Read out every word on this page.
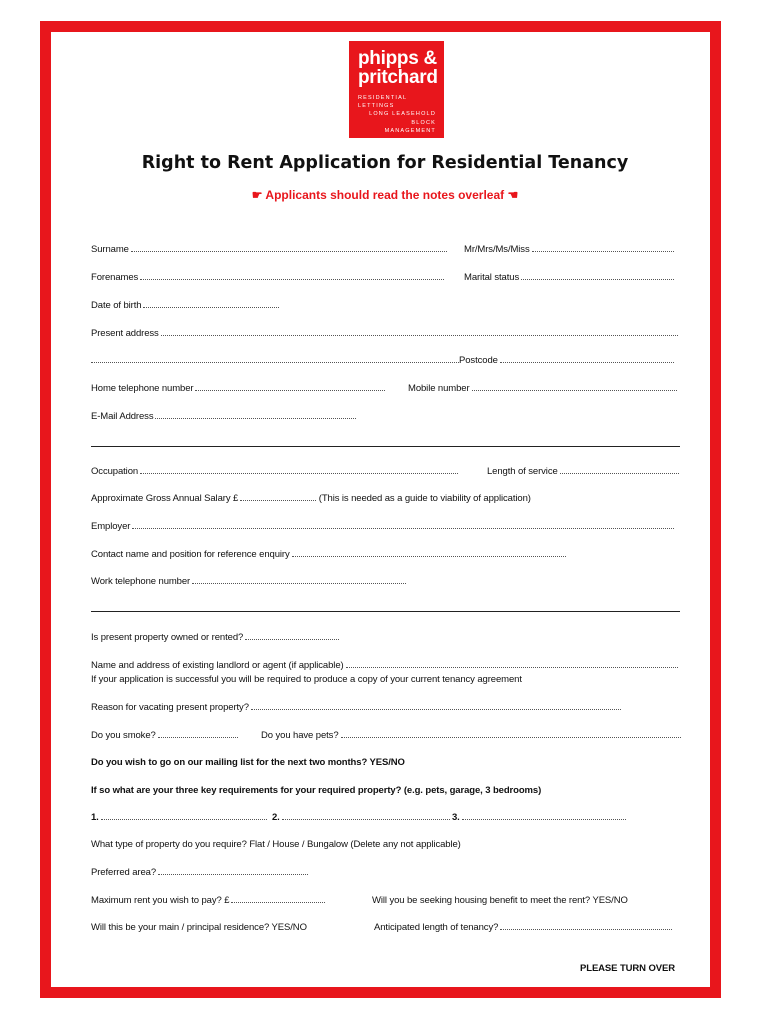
phipps &
pritchard
RESIDENTIAL LETTINGS
LONG LEASEHOLD
BLOCK MANAGEMENT
Right to Rent Application for Residential Tenancy
☛ Applicants should read the notes overleaf ☚
Surname	Mr/Mrs/Ms/Miss
Forenames	Marital status
Date of birth
Present address
Postcode
Home telephone number	Mobile number
E-Mail Address
Occupation	Length of service
Approximate Gross Annual Salary £	(This is needed as a guide to viability of application)
Employer
Contact name and position for reference enquiry
Work telephone number
Is present property owned or rented?
Name and address of existing landlord or agent (if applicable)
If your application is successful you will be required to produce a copy of your current tenancy agreement
Reason for vacating present property?
Do you smoke?	Do you have pets?
Do you wish to go on our mailing list for the next two months? YES/NO
If so what are your three key requirements for your required property? (e.g. pets, garage, 3 bedrooms)
1.	2.	3.
What type of property do you require? Flat / House / Bungalow (Delete any not applicable)
Preferred area?
Maximum rent you wish to pay? £	Will you be seeking housing benefit to meet the rent? YES/NO
Will this be your main / principal residence? YES/NO	Anticipated length of tenancy?
PLEASE TURN OVER
